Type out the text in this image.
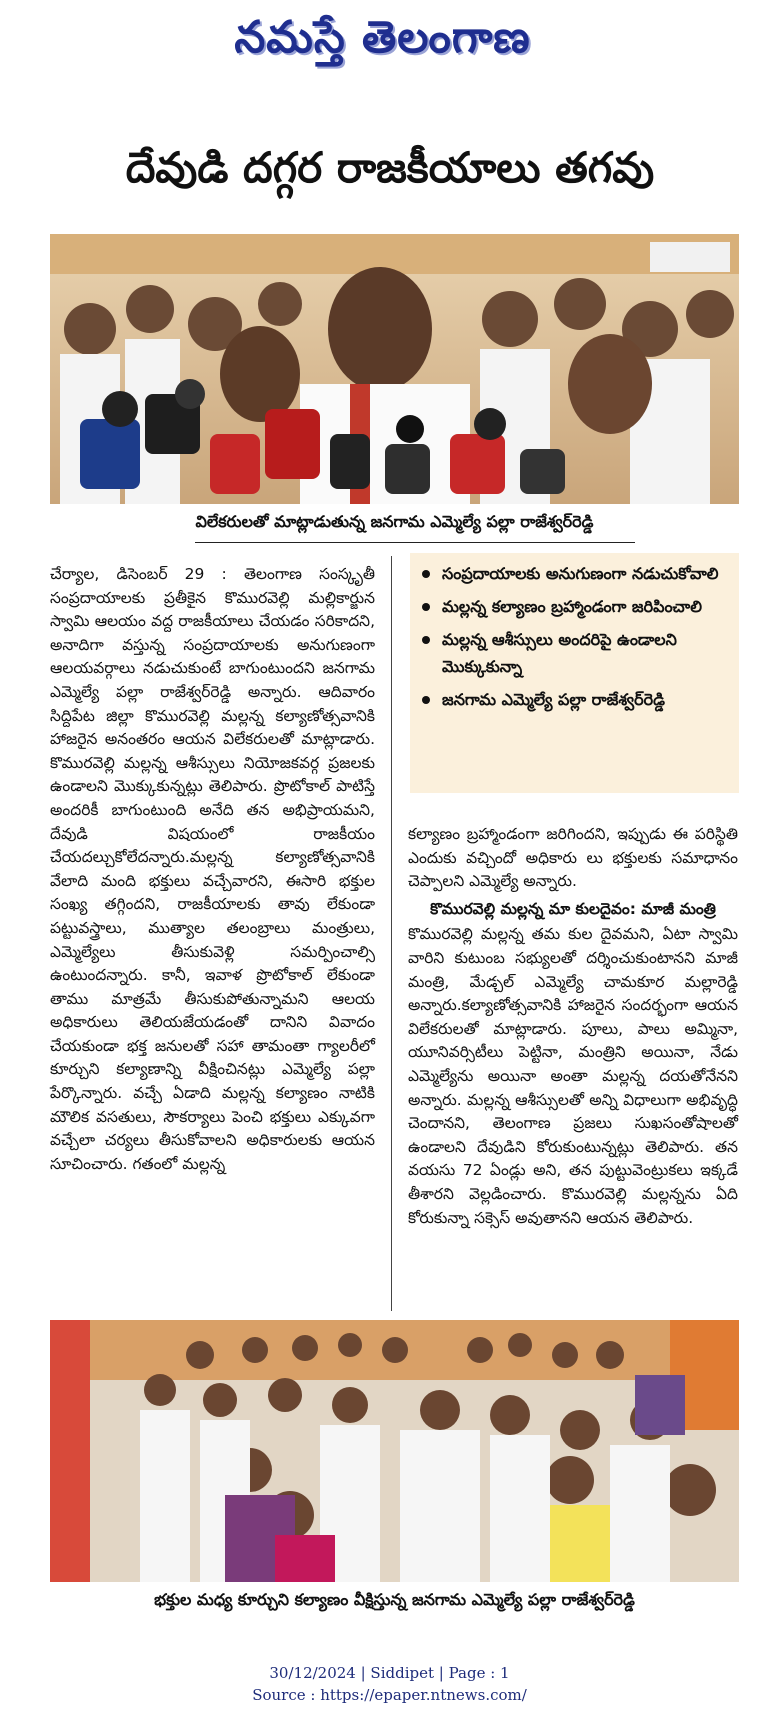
నమస్తే తెలంగాణ
దేవుడి దగ్గర రాజకీయాలు తగవు
విలేకరులతో మాట్లాడుతున్న జనగామ ఎమ్మెల్యే పల్లా రాజేశ్వర్‌రెడ్డి
చేర్యాల, డిసెంబర్ 29 : తెలంగాణ సంస్కృతీ సంప్రదాయాలకు ప్రతీకైన కొమురవెల్లి మల్లికార్జున స్వామి ఆలయం వద్ద రాజకీయాలు చేయడం సరికాదని, అనాదిగా వస్తున్న సంప్రదాయాలకు అనుగుణంగా ఆలయవర్గాలు నడుచుకుంటే బాగుంటుందని జనగామ ఎమ్మెల్యే పల్లా రాజేశ్వర్‌రెడ్డి అన్నారు. ఆదివారం సిద్దిపేట జిల్లా కొమురవెల్లి మల్లన్న కల్యాణోత్సవానికి హాజరైన అనంతరం ఆయన విలేకరులతో మాట్లాడారు. కొమురవెల్లి మల్లన్న ఆశీస్సులు నియోజకవర్గ ప్రజలకు ఉండాలని మొక్కుకున్నట్లు తెలిపారు. ప్రొటోకాల్ పాటిస్తే అందరికీ బాగుంటుంది అనేది తన అభిప్రాయమని, దేవుడి విషయంలో రాజకీయం చేయదల్చుకోలేదన్నారు.మల్లన్న కల్యాణోత్సవానికి వేలాది మంది భక్తులు వచ్చేవారని, ఈసారి భక్తుల సంఖ్య తగ్గిందని, రాజకీయాలకు తావు లేకుండా పట్టువస్త్రాలు, ముత్యాల తలంబ్రాలు మంత్రులు, ఎమ్మెల్యేలు తీసుకువెళ్లి సమర్పించాల్సి ఉంటుందన్నారు. కానీ, ఇవాళ ప్రొటోకాల్ లేకుండా తాము మాత్రమే తీసుకుపోతున్నామని ఆలయ అధికారులు తెలియజేయడంతో దానిని వివాదం చేయకుండా భక్త జనులతో సహా తామంతా గ్యాలరీలో కూర్చుని కల్యాణాన్ని వీక్షించినట్లు ఎమ్మెల్యే పల్లా పేర్కొన్నారు. వచ్చే ఏడాది మల్లన్న కల్యాణం నాటికి మౌలిక వసతులు, సౌకర్యాలు పెంచి భక్తులు ఎక్కువగా వచ్చేలా చర్యలు తీసుకోవాలని అధికారులకు ఆయన సూచించారు. గతంలో మల్లన్న
సంప్రదాయాలకు అనుగుణంగా నడుచుకోవాలి
మల్లన్న కల్యాణం బ్రహ్మాండంగా జరిపించాలి
మల్లన్న ఆశీస్సులు అందరిపై ఉండాలని మొక్కుకున్నా
జనగామ ఎమ్మెల్యే పల్లా రాజేశ్వర్‌రెడ్డి
కల్యాణం బ్రహ్మాండంగా జరిగిందని, ఇప్పుడు ఈ పరిస్థితి ఎందుకు వచ్చిందో అధికారు లు భక్తులకు సమాధానం చెప్పాలని ఎమ్మెల్యే అన్నారు.
కొమురవెల్లి మల్లన్న మా కులదైవం: మాజీ మంత్రి
కొమురవెల్లి మల్లన్న తమ కుల దైవమని, ఏటా స్వామి వారిని కుటుంబ సభ్యులతో దర్శించుకుంటానని మాజీ మంత్రి, మేడ్చల్ ఎమ్మెల్యే చామకూర మల్లారెడ్డి అన్నారు.కల్యాణోత్సవానికి హాజరైన సందర్భంగా ఆయన విలేకరులతో మాట్లాడారు. పూలు, పాలు అమ్మినా, యూనివర్సిటీలు పెట్టినా, మంత్రిని అయినా, నేడు ఎమ్మెల్యేను అయినా అంతా మల్లన్న దయతోనేనని అన్నారు. మల్లన్న ఆశీస్సులతో అన్ని విధాలుగా అభివృద్ధి చెందానని, తెలంగాణ ప్రజలు సుఖసంతోషాలతో ఉండాలని దేవుడిని కోరుకుంటున్నట్లు తెలిపారు. తన వయసు 72 ఏండ్లు అని, తన పుట్టువెంట్రుకలు ఇక్కడే తీశారని వెల్లడించారు. కొమురవెల్లి మల్లన్నను ఏది కోరుకున్నా సక్సెస్ అవుతానని ఆయన తెలిపారు.
భక్తుల మధ్య కూర్చుని కల్యాణం వీక్షిస్తున్న జనగామ ఎమ్మెల్యే పల్లా రాజేశ్వర్‌రెడ్డి
30/12/2024 | Siddipet | Page : 1
Source : https://epaper.ntnews.com/
